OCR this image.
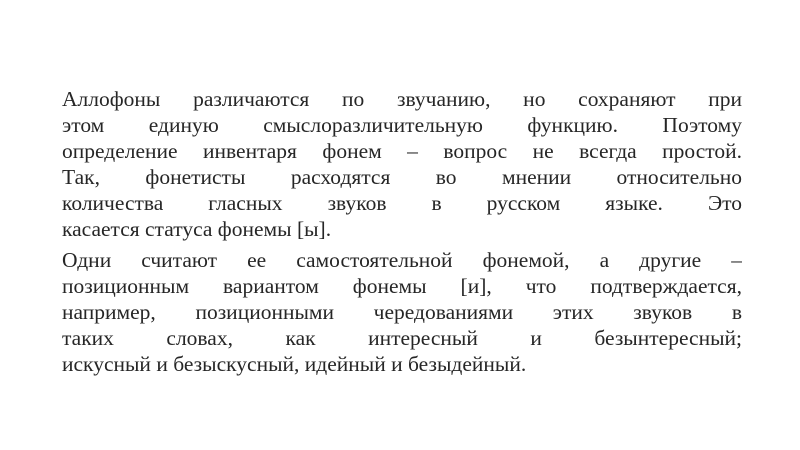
Аллофоны различаются по звучанию, но сохраняют при
этом единую смыслоразличительную функцию. Поэтому
определение инвентаря фонем – вопрос не всегда простой.
Так, фонетисты расходятся во мнении относительно
количества гласных звуков в русском языке. Это
касается статуса фонемы [ы].
Одни считают ее самостоятельной фонемой, а другие –
позиционным вариантом фонемы [и], что подтверждается,
например, позиционными чередованиями этих звуков в
таких словах, как интересный и безынтересный;
искусный и безыскусный, идейный и безыдейный.
